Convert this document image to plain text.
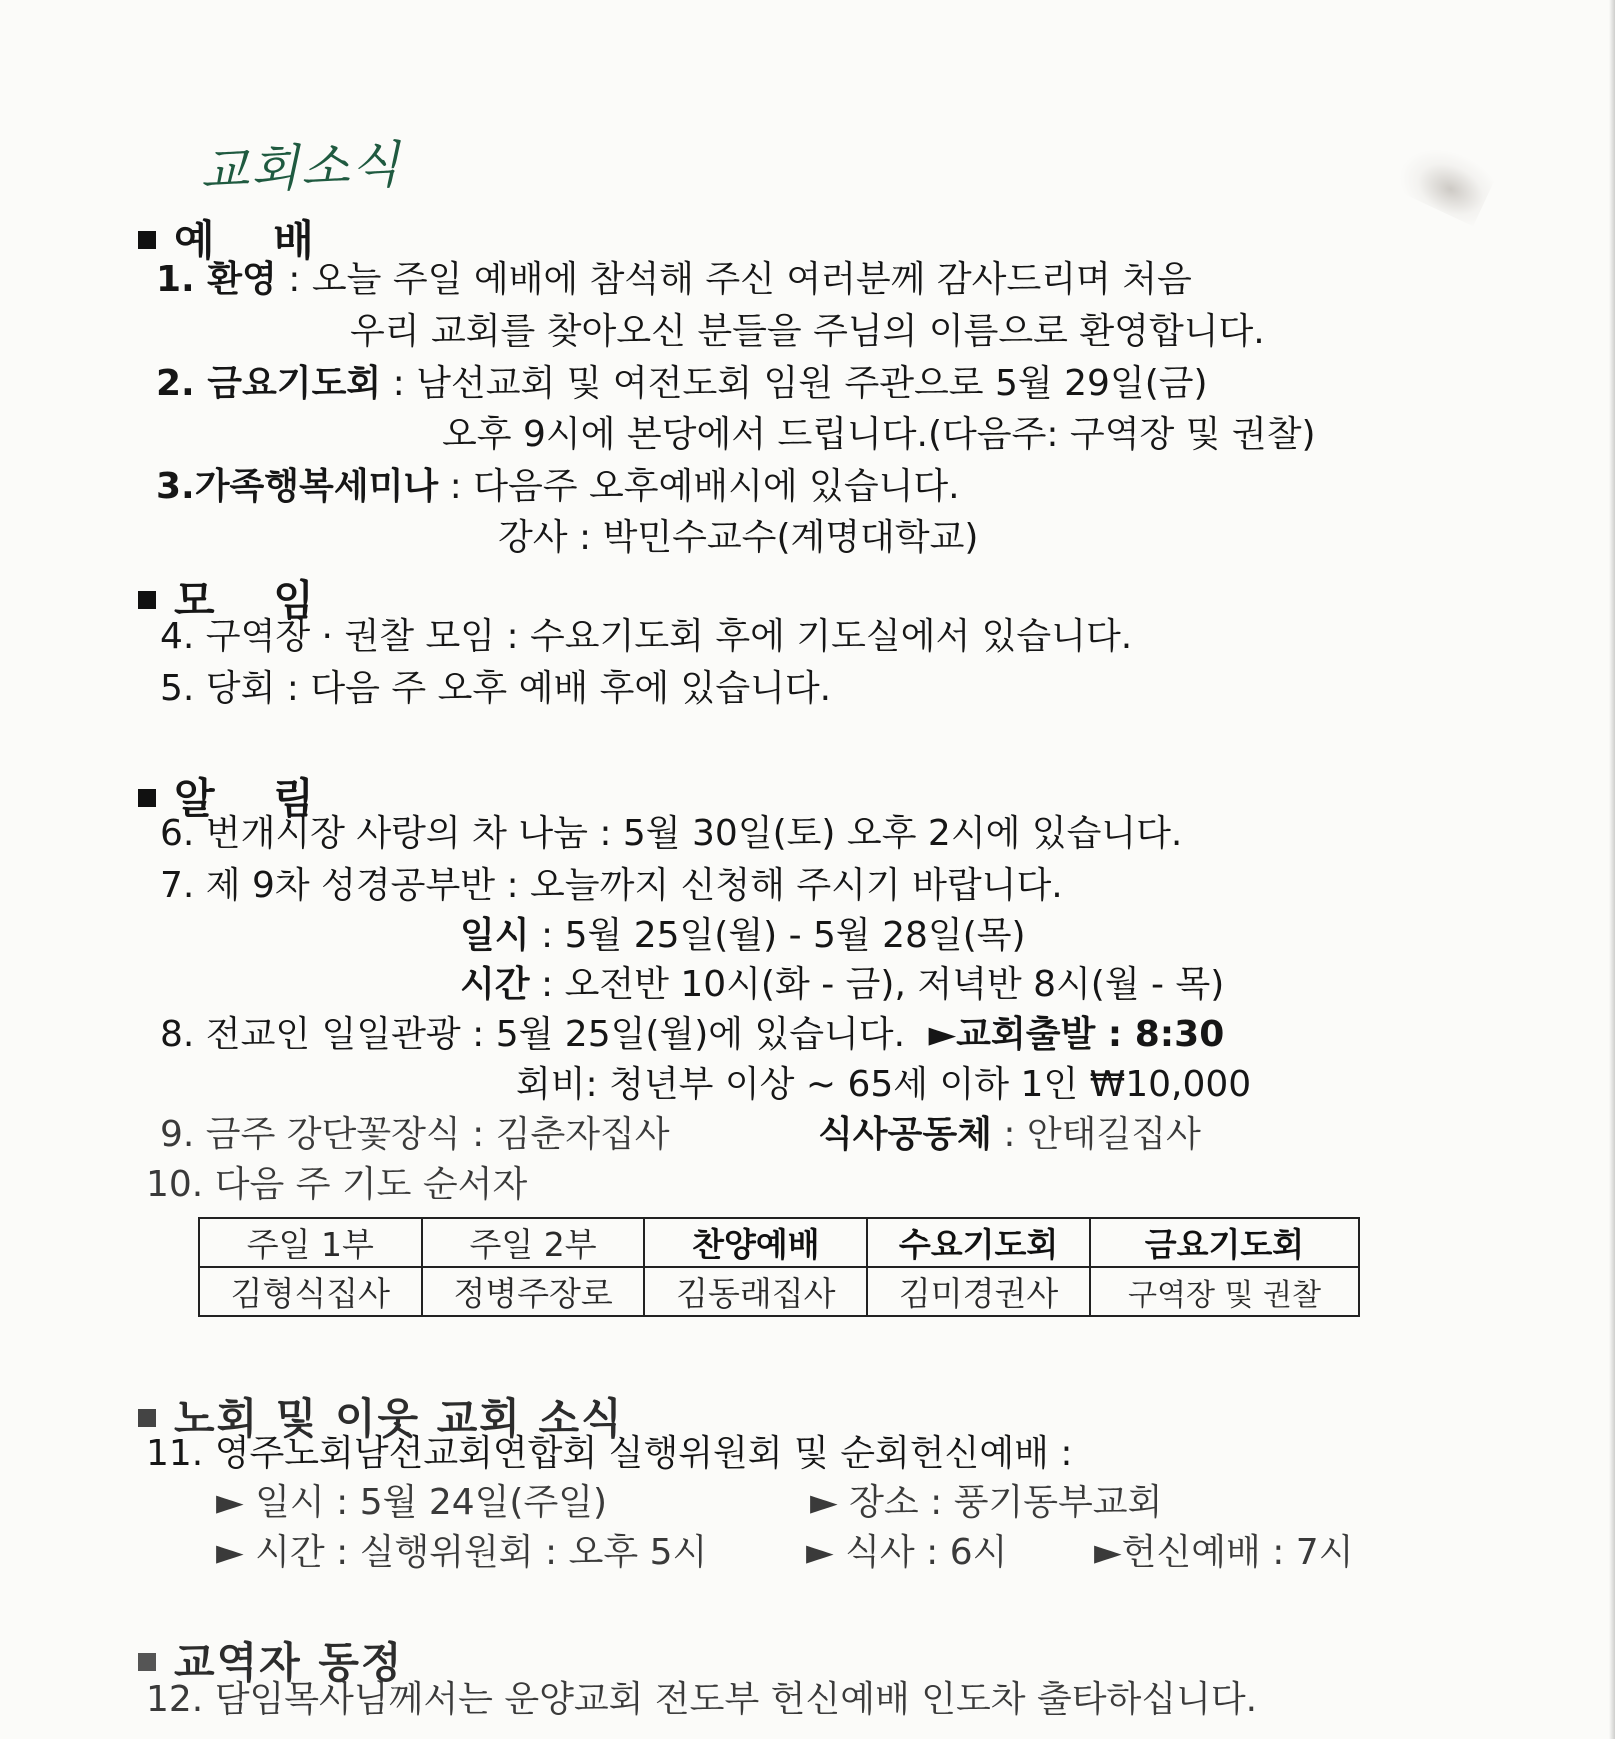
교회소식
예 배
1. 환영 : 오늘 주일 예배에 참석해 주신 여러분께 감사드리며 처음
우리 교회를 찾아오신 분들을 주님의 이름으로 환영합니다.
2. 금요기도회 : 남선교회 및 여전도회 임원 주관으로 5월 29일(금)
오후 9시에 본당에서 드립니다.(다음주: 구역장 및 권찰)
3.가족행복세미나 : 다음주 오후예배시에 있습니다.
강사 : 박민수교수(계명대학교)
모 임
4. 구역장 · 권찰 모임 : 수요기도회 후에 기도실에서 있습니다.
5. 당회 : 다음 주 오후 예배 후에 있습니다.
알 림
6. 번개시장 사랑의 차 나눔 : 5월 30일(토) 오후 2시에 있습니다.
7. 제 9차 성경공부반 : 오늘까지 신청해 주시기 바랍니다.
일시 : 5월 25일(월) - 5월 28일(목)
시간 : 오전반 10시(화 - 금), 저녁반 8시(월 - 목)
8. 전교인 일일관광 : 5월 25일(월)에 있습니다. ►교회출발 : 8:30
회비: 청년부 이상 ~ 65세 이하 1인 ₩10,000
9. 금주 강단꽃장식 : 김춘자집사	식사공동체 : 안태길집사
10. 다음 주 기도 순서자
주일 1부	주일 2부	찬양예배	수요기도회	금요기도회
김형식집사	정병주장로	김동래집사	김미경권사	구역장 및 권찰
노회 및 이웃 교회 소식
11. 영주노회남선교회연합회 실행위원회 및 순회헌신예배 :
► 일시 : 5월 24일(주일)	► 장소 : 풍기동부교회
► 시간 : 실행위원회 : 오후 5시	► 식사 : 6시 ►헌신예배 : 7시
교역자 동정
12. 담임목사님께서는 운양교회 전도부 헌신예배 인도차 출타하십니다.
